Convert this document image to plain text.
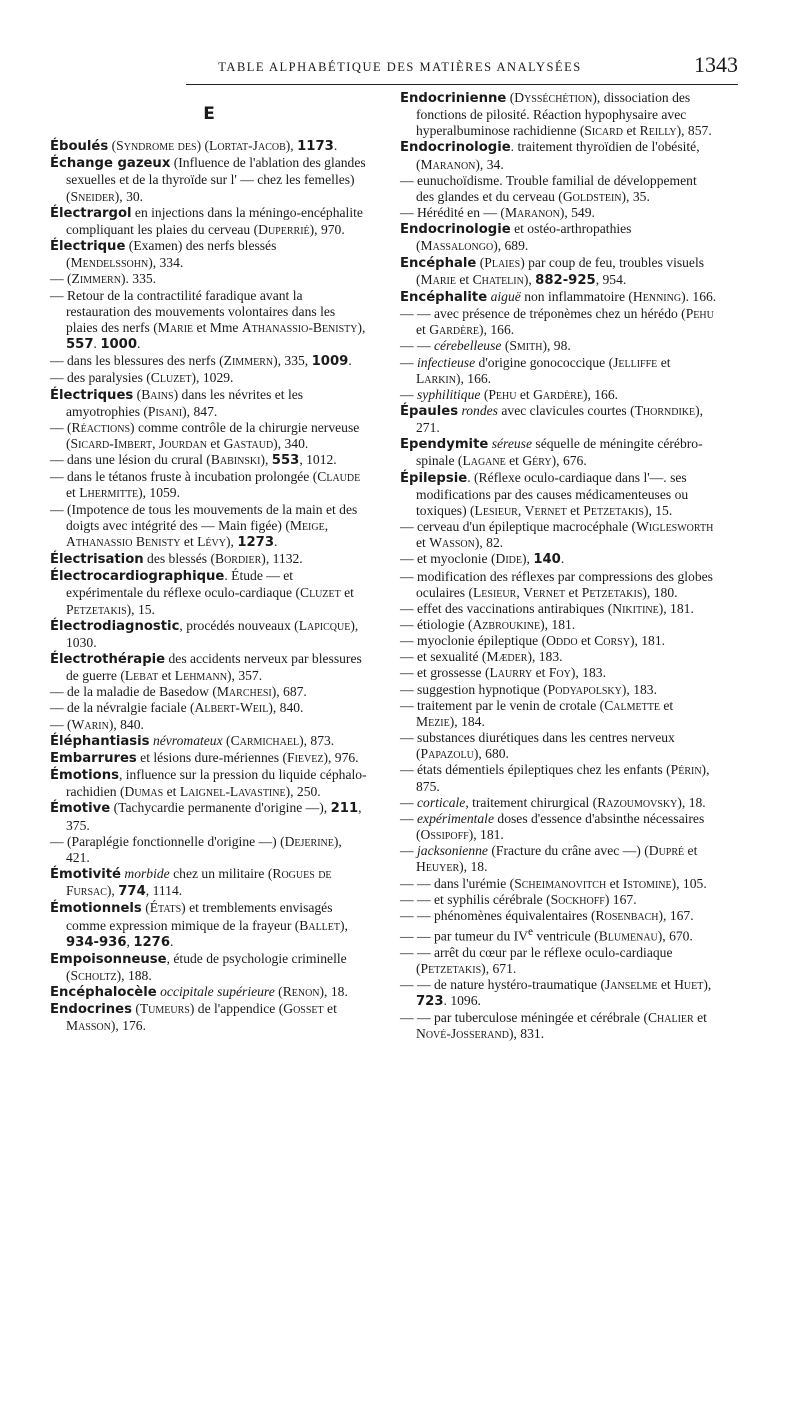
TABLE ALPHABÉTIQUE DES MATIÈRES ANALYSÉES	1343
E

Éboulés (Syndrome des) (Lortat-Jacob), 1173.

Échange gazeux (Influence de l'ablation des glandes sexuelles et de la thyroïde sur l' — chez les femelles) (Sneider), 30.

Électrargol en injections dans la méningo-encéphalite compliquant les plaies du cerveau (Duperrié), 970.

Électrique (Examen) des nerfs blessés (Mendelssohn), 334.

— (Zimmern). 335.

— Retour de la contractilité faradique avant la restauration des mouvements volontaires dans les plaies des nerfs (Marie et Mme Athanassio-Benisty), 557. 1000.

— dans les blessures des nerfs (Zimmern), 335, 1009.

— des paralysies (Cluzet), 1029.

Électriques (Bains) dans les névrites et les amyotrophies (Pisani), 847.

— (Réactions) comme contrôle de la chirurgie nerveuse (Sicard-Imbert, Jourdan et Gastaud), 340.

— dans une lésion du crural (Babinski), 553, 1012.

— dans le tétanos fruste à incubation prolongée (Claude et Lhermitte), 1059.

— (Impotence de tous les mouvements de la main et des doigts avec intégrité des — Main figée) (Meige, Athanassio Benisty et Lévy), 1273.

Électrisation des blessés (Bordier), 1132.

Électrocardiographique. Étude — et expérimentale du réflexe oculo-cardiaque (Cluzet et Petzetakis), 15.

Électrodiagnostic, procédés nouveaux (Lapicque), 1030.

Électrothérapie des accidents nerveux par blessures de guerre (Lebat et Lehmann), 357.

— de la maladie de Basedow (Marchesi), 687.

— de la névralgie faciale (Albert-Weil), 840.

— (Warin), 840.

Éléphantiasis névromateux (Carmichael), 873.

Embarrures et lésions dure-mériennes (Fievez), 976.

Émotions, influence sur la pression du liquide céphalo-rachidien (Dumas et Laignel-Lavastine), 250.

Émotive (Tachycardie permanente d'origine —), 211, 375.

— (Paraplégie fonctionnelle d'origine —) (Dejerine), 421.

Émotivité morbide chez un militaire (Rogues de Fursac), 774, 1114.

Émotionnels (États) et tremblements envisagés comme expression mimique de la frayeur (Ballet), 934-936, 1276.

Empoisonneuse, étude de psychologie criminelle (Scholtz), 188.

Encéphalocèle occipitale supérieure (Renon), 18.

Endocrines (Tumeurs) de l'appendice (Gosset et Masson), 176.

Endocrinienne (Dysséchétion), dissociation des fonctions de pilosité. Réaction hypophysaire avec hyperalbuminose rachidienne (Sicard et Reilly), 857.

Endocrinologie. traitement thyroïdien de l'obésité, (Maranon), 34.

— eunuchoïdisme. Trouble familial de développement des glandes et du cerveau (Goldstein), 35.

— Hérédité en — (Maranon), 549.

Endocrinologie et ostéo-arthropathies (Massalongo), 689.

Encéphale (Plaies) par coup de feu, troubles visuels (Marie et Chatelin), 882-925, 954.

Encéphalite aiguë non inflammatoire (Henning). 166.

— — avec présence de tréponèmes chez un hérédo (Pehu et Gardère), 166.

— — cérebelleuse (Smith), 98.

— infectieuse d'origine gonococcique (Jelliffe et Larkin), 166.

— syphilitique (Pehu et Gardère), 166.

Épaules rondes avec clavicules courtes (Thorndike), 271.

Ependymite séreuse séquelle de méningite cérébro-spinale (Lagane et Géry), 676.

Épilepsie. (Réflexe oculo-cardiaque dans l'—. ses modifications par des causes médicamenteuses ou toxiques) (Lesieur, Vernet et Petzetakis), 15.

— cerveau d'un épileptique macrocéphale (Wiglesworth et Wasson), 82.

— et myoclonie (Dide), 140.

— modification des réflexes par compressions des globes oculaires (Lesieur, Vernet et Petzetakis), 180.

— effet des vaccinations antirabiques (Nikitine), 181.

— étiologie (Azbroukine), 181.

— myoclonie épileptique (Oddo et Corsy), 181.

— et sexualité (Mæder), 183.

— et grossesse (Laurry et Foy), 183.

— suggestion hypnotique (Podyapolsky), 183.

— traitement par le venin de crotale (Calmette et Mezie), 184.

— substances diurétiques dans les centres nerveux (Papazolu), 680.

— états démentiels épileptiques chez les enfants (Périn), 875.

— corticale, traitement chirurgical (Razoumovsky), 18.

— expérimentale doses d'essence d'absinthe nécessaires (Ossipoff), 181.

— jacksonienne (Fracture du crâne avec —) (Dupré et Heuyer), 18.

— — dans l'urémie (Scheimanovitch et Istomine), 105.

— — et syphilis cérébrale (Sockhoff) 167.

— — phénomènes équivalentaires (Rosenbach), 167.

— — par tumeur du IVe ventricule (Blumenau), 670.

— — arrêt du cœur par le réflexe oculo-cardiaque (Petzetakis), 671.

— — de nature hystéro-traumatique (Janselme et Huet), 723. 1096.

— — par tuberculose méningée et cérébrale (Chalier et Nové-Josserand), 831.
